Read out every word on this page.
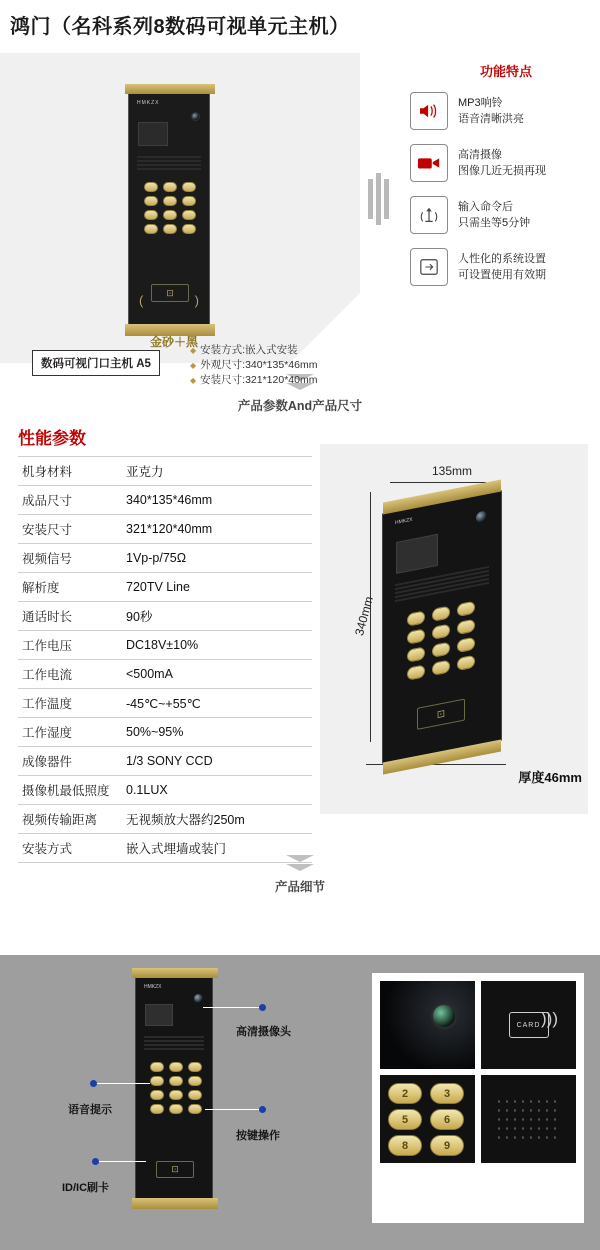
鸿门（名科系列8数码可视单元主机）
HMKZX
(	)
⊡
金砂＋黑
数码可视门口主机 A5
◆ 安装方式:嵌入式安装
◆ 外观尺寸:340*135*46mm
◆ 安装尺寸:321*120*40mm
功能特点
MP3响铃
语音清晰洪亮
高清摄像
图像几近无损再现
输入命令后
只需坐等5分钟
人性化的系统设置
可设置使用有效期
产品参数And产品尺寸
性能参数
机身材料	亚克力
成品尺寸	340*135*46mm
安装尺寸	321*120*40mm
视频信号	1Vp-p/75Ω
解析度	720TV Line
通话时长	90秒
工作电压	DC18V±10%
工作电流	<500mA
工作温度	-45℃~+55℃
工作湿度	50%~95%
成像器件	1/3 SONY CCD
摄像机最低照度	0.1LUX
视频传输距离	无视频放大器约250m
安装方式	嵌入式埋墙或装门
135mm
340mm
HMKZX
⊡
厚度46mm
产品细节
HMKZX
⊡
高清摄像头
语音提示
按键操作
ID/IC刷卡
CARD )))
2	3
5	6
8	9
